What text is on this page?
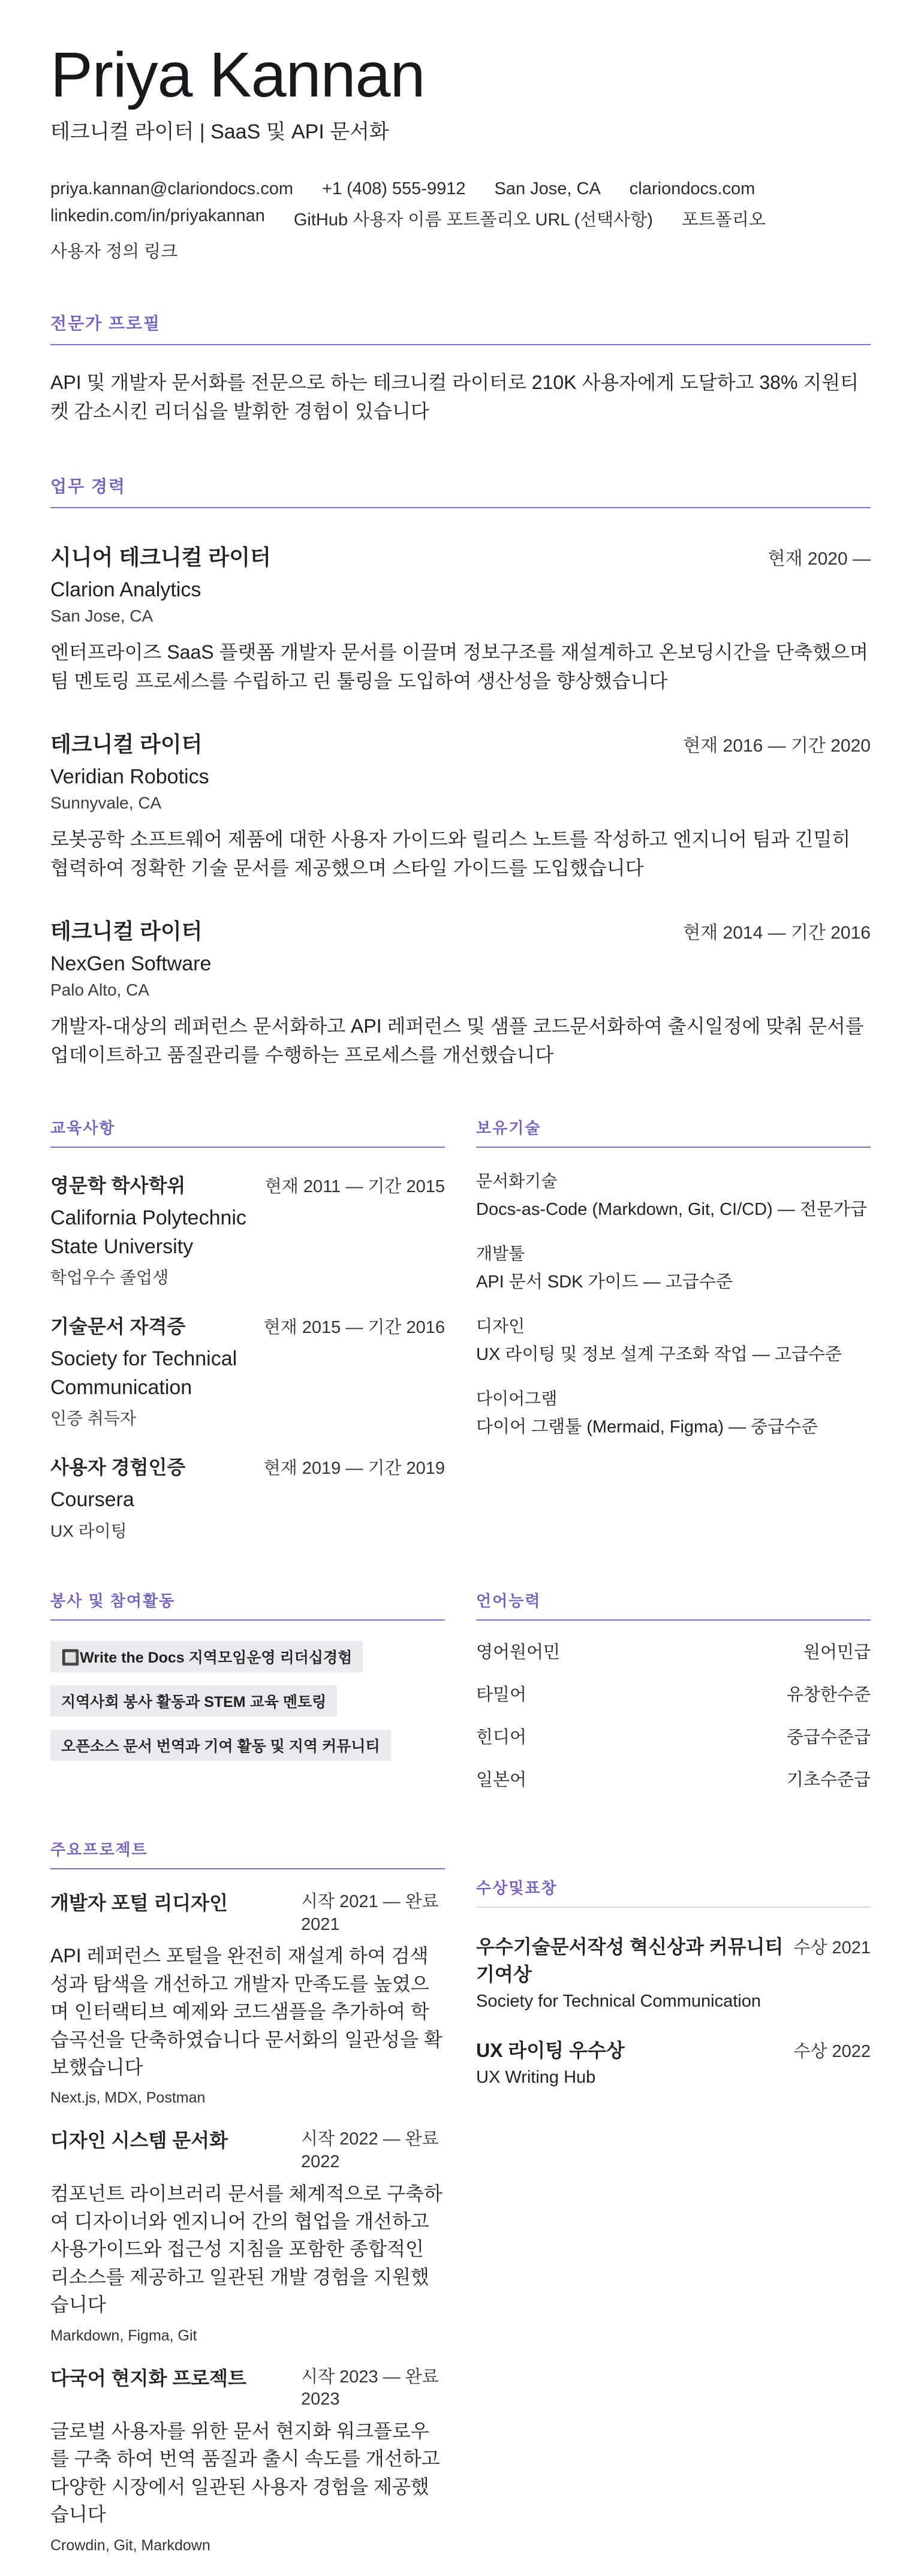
Priya Kannan
테크니컬 라이터 | SaaS 및 API 문서화
priya.kannan@clariondocs.com +1 (408) 555-9912 San Jose, CA clariondocs.com
linkedin.com/in/priyakannan GitHub 사용자 이름 포트폴리오 URL (선택사항) 포트폴리오
사용자 정의 링크
전문가 프로필
API 및 개발자 문서화를 전문으로 하는 테크니컬 라이터로 210K 사용자에게 도달하고 38% 지원티켓 감소시킨 리더십을 발휘한 경험이 있습니다
업무 경력
시니어 테크니컬 라이터	현재 2020 —
Clarion Analytics
San Jose, CA
엔터프라이즈 SaaS 플랫폼 개발자 문서를 이끌며 정보구조를 재설계하고 온보딩시간을 단축했으며 팀 멘토링 프로세스를 수립하고 린 툴링을 도입하여 생산성을 향상했습니다
테크니컬 라이터	현재 2016 — 기간 2020
Veridian Robotics
Sunnyvale, CA
로봇공학 소프트웨어 제품에 대한 사용자 가이드와 릴리스 노트를 작성하고 엔지니어 팀과 긴밀히 협력하여 정확한 기술 문서를 제공했으며 스타일 가이드를 도입했습니다
테크니컬 라이터	현재 2014 — 기간 2016
NexGen Software
Palo Alto, CA
개발자-대상의 레퍼런스 문서화하고 API 레퍼런스 및 샘플 코드문서화하여 출시일정에 맞춰 문서를 업데이트하고 품질관리를 수행하는 프로세스를 개선했습니다
교육사항
영문학 학사학위	현재 2011 — 기간 2015
California Polytechnic State University
학업우수 졸업생
기술문서 자격증	현재 2015 — 기간 2016
Society for Technical Communication
인증 취득자
사용자 경험인증	현재 2019 — 기간 2019
Coursera
UX 라이팅
보유기술
문서화기술
Docs-as-Code (Markdown, Git, CI/CD) — 전문가급
개발툴
API 문서 SDK 가이드 — 고급수준
디자인
UX 라이팅 및 정보 설계 구조화 작업 — 고급수준
다이어그램
다이어 그램툴 (Mermaid, Figma) — 중급수준
봉사 및 참여활동
🔲Write the Docs 지역모임운영 리더십경험
지역사회 봉사 활동과 STEM 교육 멘토링
오픈소스 문서 번역과 기여 활동 및 지역 커뮤니티
언어능력
영어원어민	원어민급
타밀어	유창한수준
힌디어	중급수준급
일본어	기초수준급
주요프로젝트
개발자 포털 리디자인	시작 2021 — 완료 2021
API 레퍼런스 포털을 완전히 재설계 하여 검색성과 탐색을 개선하고 개발자 만족도를 높였으며 인터랙티브 예제와 코드샘플을 추가하여 학습곡선을 단축하였습니다 문서화의 일관성을 확보했습니다
Next.js, MDX, Postman
디자인 시스템 문서화	시작 2022 — 완료 2022
컴포넌트 라이브러리 문서를 체계적으로 구축하여 디자이너와 엔지니어 간의 협업을 개선하고 사용가이드와 접근성 지침을 포함한 종합적인 리소스를 제공하고 일관된 개발 경험을 지원했습니다
Markdown, Figma, Git
다국어 현지화 프로젝트	시작 2023 — 완료 2023
글로벌 사용자를 위한 문서 현지화 워크플로우를 구축 하여 번역 품질과 출시 속도를 개선하고 다양한 시장에서 일관된 사용자 경험을 제공했습니다
Crowdin, Git, Markdown
수상및표창
우수기술문서작성 혁신상과 커뮤니티기여상
수상 2021
Society for Technical Communication
UX 라이팅 우수상	수상 2022
UX Writing Hub
